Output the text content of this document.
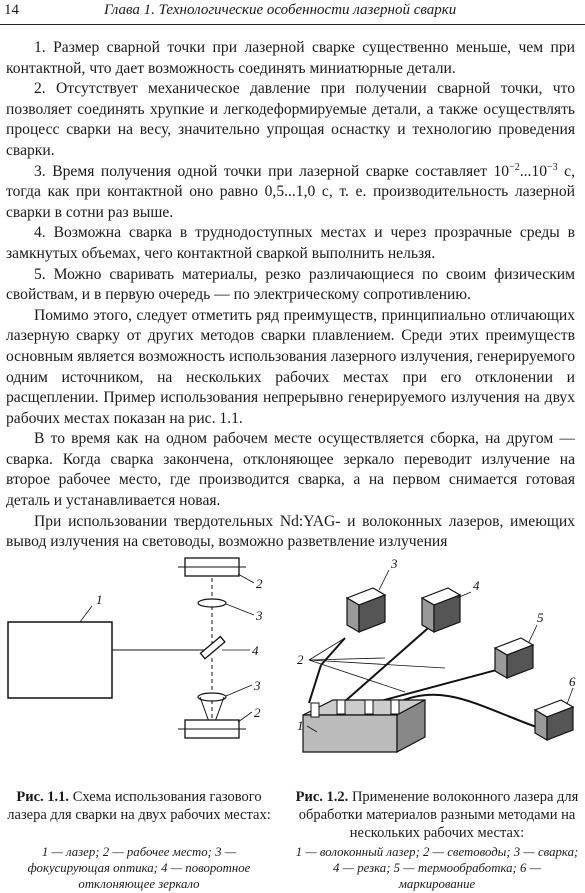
14	Глава 1. Технологические особенности лазерной сварки

1. Размер сварной точки при лазерной сварке существенно меньше, чем при контактной, что дает возможность соединять миниатюрные детали.

2. Отсутствует механическое давление при получении сварной точки, что позволяет соединять хрупкие и легкодеформируемые детали, а также осуществлять процесс сварки на весу, значительно упрощая оснастку и технологию проведения сварки.

3. Время получения одной точки при лазерной сварке составляет $10^{-2}...10^{-3}$ с, тогда как при контактной оно равно 0,5...1,0 с, т. е. производительность лазерной сварки в сотни раз выше.

4. Возможна сварка в труднодоступных местах и через прозрачные среды в замкнутых объемах, чего контактной сваркой выполнить нельзя.

5. Можно сваривать материалы, резко различающиеся по своим физическим свойствам, и в первую очередь — по электрическому сопротивлению.

Помимо этого, следует отметить ряд преимуществ, принципиально отличающих лазерную сварку от других методов сварки плавлением. Среди этих преимуществ основным является возможность использования лазерного излучения, генерируемого одним источником, на нескольких рабочих местах при его отклонении и расщеплении. Пример использования непрерывно генерируемого излучения на двух рабочих местах показан на рис. 1.1.

В то время как на одном рабочем месте осуществляется сборка, на другом — сварка. Когда сварка закончена, отклоняющее зеркало переводит излучение на второе рабочее место, где производится сварка, а на первом снимается готовая деталь и устанавливается новая.

При использовании твердотельных Nd:YAG- и волоконных лазеров, имеющих вывод излучения на световоды, возможно разветвление излучения

1
2
3
4
3
2
3
4
5
6
2
1
Рис. 1.1. Схема использования газового лазера для сварки на двух рабочих местах:
1 — лазер; 2 — рабочее место; 3 — фокусирующая оптика; 4 — поворотное отклоняющее зеркало
Рис. 1.2. Применение волоконного лазера для обработки материалов разными методами на нескольких рабочих местах:
1 — волоконный лазер; 2 — световоды; 3 — сварка; 4 — резка; 5 — термообработка; 6 — маркирование
